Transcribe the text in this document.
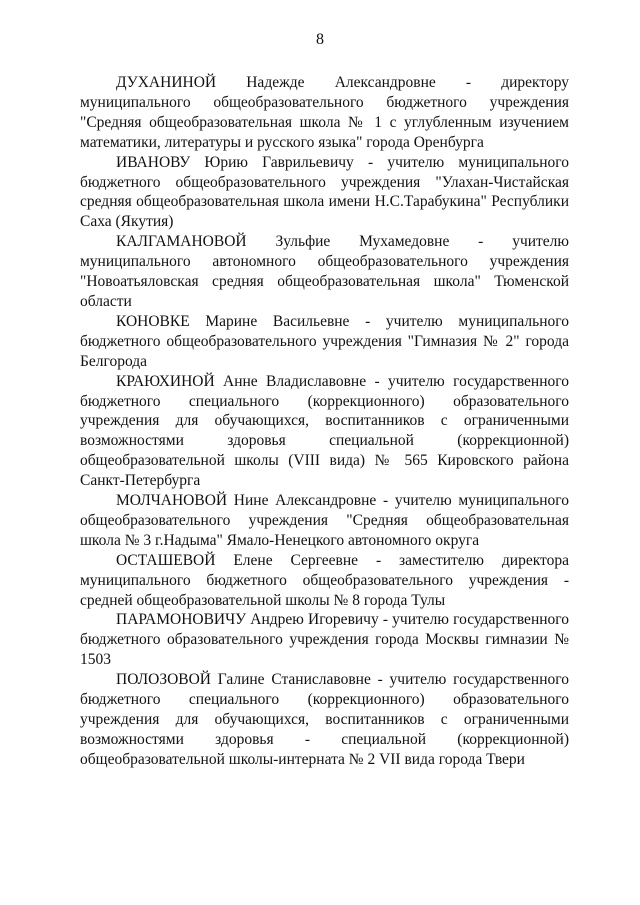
8

ДУХАНИНОЙ Надежде Александровне - директору муниципального общеобразовательного бюджетного учреждения "Средняя общеобразовательная школа № 1 с углубленным изучением математики, литературы и русского языка" города Оренбурга

ИВАНОВУ Юрию Гаврильевичу - учителю муниципального бюджетного общеобразовательного учреждения "Улахан-Чистайская средняя общеобразовательная школа имени Н.С.Тарабукина" Республики Саха (Якутия)

КАЛГАМАНОВОЙ Зульфие Мухамедовне - учителю муниципального автономного общеобразовательного учреждения "Новоатьяловская средняя общеобразовательная школа" Тюменской области

КОНОВКЕ Марине Васильевне - учителю муниципального бюджетного общеобразовательного учреждения "Гимназия № 2" города Белгорода

КРАЮХИНОЙ Анне Владиславовне - учителю государственного бюджетного специального (коррекционного) образовательного учреждения для обучающихся, воспитанников с ограниченными возможностями здоровья специальной (коррекционной) общеобразовательной школы (VIII вида) № 565 Кировского района Санкт-Петербурга

МОЛЧАНОВОЙ Нине Александровне - учителю муниципального общеобразовательного учреждения "Средняя общеобразовательная школа № 3 г.Надыма" Ямало-Ненецкого автономного округа

ОСТАШЕВОЙ Елене Сергеевне - заместителю директора муниципального бюджетного общеобразовательного учреждения - средней общеобразовательной школы № 8 города Тулы

ПАРАМОНОВИЧУ Андрею Игоревичу - учителю государственного бюджетного образовательного учреждения города Москвы гимназии № 1503

ПОЛОЗОВОЙ Галине Станиславовне - учителю государственного бюджетного специального (коррекционного) образовательного учреждения для обучающихся, воспитанников с ограниченными возможностями здоровья - специальной (коррекционной) общеобразовательной школы-интерната № 2 VII вида города Твери
